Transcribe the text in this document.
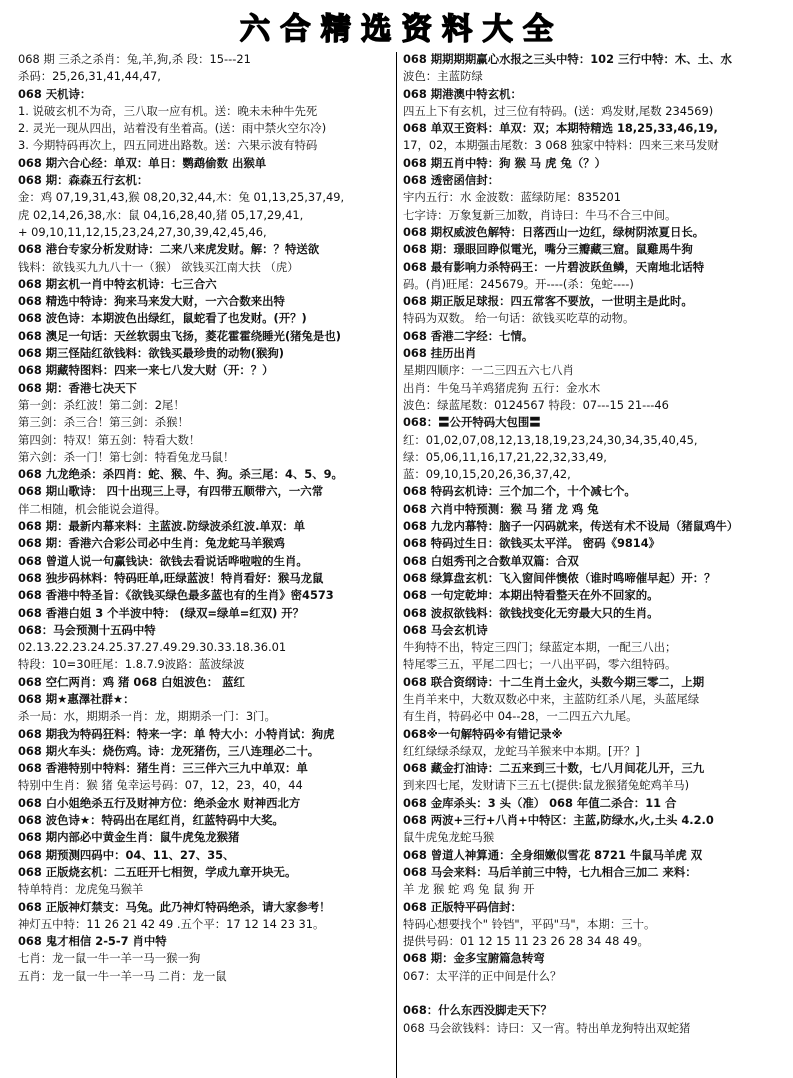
六 合 精 选 资 料 大 全
068 期 三杀之杀肖：兔,羊,狗,杀 段：15---21
杀码：25,26,31,41,44,47,
068 天机诗：
1. 说破玄机不为奇，三八取一应有机。送：晚未未种牛先死
2. 灵光一现从四出，站着没有坐着高。(送：雨中禁火空尔冷)
3. 今期特码再次上，四五同进出路数。送：六果示波有特码
068 期六合心经：单双：单日：鹦鹉偷数 出猴单
068 期：森森五行玄机：
金：鸡 07,19,31,43,猴 08,20,32,44,木：兔 01,13,25,37,49,
虎 02,14,26,38,水：鼠 04,16,28,40,猪 05,17,29,41,
+ 09,10,11,12,15,23,24,27,30,39,42,45,46,
068 港台专家分析发财诗：二来八来虎发财。解：？特送欲
钱料：欲钱买九九八十一（猴） 欲钱买江南大扶 （虎）
068 期玄机一肖中特玄机诗：七三合六
068 精选中特诗：狗来马来发大财，一六合数来出特
068 波色诗：本期波色出绿红，鼠蛇看了也发财。(开？)
068 澳足一句话：天丝软弱虫飞扬，菱花霍霍绕睡光(猪兔是也)
068 期三怪陆红欲钱料：欲钱买最珍贵的动物(猴狗)
068 期藏特图料：四来一来七八发大财（开：？）
068 期：香港七决天下
第一剑：杀红波！第二剑：2尾！
第三剑：杀三合！第三剑：杀猴！
第四剑：特双！第五剑：特看大数！
第六剑：杀一门！第七剑：特看兔龙马鼠！
068 九龙绝杀：杀四肖：蛇、猴、牛、狗。杀三尾：4、5、9。
068 期山歌诗： 四十出现三上寻，有四带五顺带六，一六常
伴二相随，机会能说会道得。
068 期：最新内幕来料：主蓝波.防绿波杀红波.单双：单
068 期：香港六合彩公司必中生肖：兔龙蛇马羊猴鸡
068 曾道人说一句赢钱诀：欲钱去看说话哗啦啦的生肖。
068 独步码林料：特码旺单,旺绿蓝波！特肖看好：猴马龙鼠
068 香港中特圣旨：《欲钱买绿色最多蓝也有的生肖》密4573
068 香港白姐 3 个半波中特： (绿双=绿单=红双) 开？
068：马会预测十五码中特
02.13.22.23.24.25.37.27.49.29.30.33.18.36.01
特段：10=30旺尾：1.8.7.9波路：蓝波绿波
068 空仁两肖：鸡 猪 068 白姐波色： 蓝红
068 期★惠澤社群★：
杀一局：水，期期杀一肖：龙，期期杀一门：3门。
068 期我为特码狂料：特来一字：单 特大小：小特肖试：狗虎
068 期火车头：烧伤鸡。诗：龙死猪伤，三八连理必二十。
068 香港特别中特料：猪生肖：三三伴六三九中单双：单
特别中生肖：猴 猪 兔幸运号码：07，12，23，40，44
068 白小姐绝杀五行及财神方位：绝杀金水 财神西北方
068 波色诗★：特码出在尾红肖，红蓝特码中大奖。
068 期内部必中黄金生肖：鼠牛虎兔龙猴猪
068 期预测四码中：04、11、27、35、
068 正版烧玄机：二五旺开七相贺，学成九章开块无。
特单特肖：龙虎兔马猴羊
068 正版神灯禁支：马兔。此乃神灯特码绝杀，请大家参考！
神灯五中特：11 26 21 42 49 .五个平：17 12 14 23 31。
068 鬼才相信 2-5-7 肖中特
七肖：龙一鼠一牛一羊一马一猴一狗
五肖：龙一鼠一牛一羊一马 二肖：龙一鼠
068 期期期期赢心水报之三头中特：102 三行中特：木、土、水
波色：主蓝防绿
068 期港澳中特玄机：
四五上下有玄机，过三位有特码。(送：鸡发财,尾数 234569)
068 单双王资料：单双：双；本期特精选 18,25,33,46,19,
17，02，本期强击尾数：3 068 独家中特料：四来三来马发财
068 期五肖中特：狗 猴 马 虎 兔（？）
068 透密函信封：
宇内五行：水 金波数：蓝绿防尾：835201
七字诗：万象复新三加数，肖诗曰：牛马不合三中间。
068 期权威波色解特：日落西山一边红，绿树阴浓夏日长。
068 期：璟眼回睁似電光，嘴分三瓣藏三窟。鼠雞馬牛狗
068 最有影响力杀特码王：一片碧波跃鱼鳞，天南地北话特
码。(肖)旺尾：245679。开----(杀：兔蛇----)
068 期正版足球报：四五常客不要放，一世明主是此时。
特码为双数。 给一句话：欲钱买吃草的动物。
068 香港二字经：七情。
068 挂历出肖
星期四顺序：一二三四五六七八肖
出肖：牛兔马羊鸡猪虎狗 五行：金水木
波色：绿蓝尾数：0124567 特段：07---15 21---46
068：〓公开特码大包围〓
红：01,02,07,08,12,13,18,19,23,24,30,34,35,40,45,
绿：05,06,11,16,17,21,22,32,33,49,
蓝：09,10,15,20,26,36,37,42,
068 特码玄机诗：三个加二个，十个减七个。
068 六肖中特预测：猴 马 猪 龙 鸡 兔
068 九龙内幕特：脑子一闪码就来，传送有术不设局（猪鼠鸡牛）
068 特码过生日：欲钱买太平洋。 密码《9814》
068 白姐秀刊之合数单双篇：合双
068 绿算盘玄机：飞入窗间伴懊侬（谁时鸣啼催早起）开：？
068 一句定乾坤：本期出特看整天在外不回家的。
068 波叔欲钱料：欲钱找变化无穷最大只的生肖。
068 马会玄机诗
牛狗特不出，特定三四门；绿蓝定本期，一配三八出；
特尾零三五，平尾二四七；一八出平码，零六组特码。
068 联合资纲诗：十二生肖土金火，头数今期三零二，上期
生肖羊来中，大数双数必中来，主蓝防红杀八尾，头蓝尾绿
有生肖，特码必中 04--28，一二四五六九尾。
068※一句解特码※有错记录※
红红绿绿杀绿双，龙蛇马羊猴来中本期。[开？]
068 藏金打油诗：二五来到三十数，七八月间花儿开，三九
到来四七尾，发财请下三五七(提供:鼠龙猴猪兔蛇鸡羊马)
068 金库杀头：3 头（准） 068 年值二杀合：11 合
068 两波+三行+八肖+中特区：主蓝,防绿水,火,土头 4.2.0
鼠牛虎兔龙蛇马猴
068 曾道人神算通：全身细嫩似雪花 8721 牛鼠马羊虎 双
068 马会来料：马后羊前三中特，七九相合三加二 来料：
羊 龙 猴 蛇 鸡 兔 鼠 狗 开
068 正版特平码信封：
特码心想要找个" 铃铛"，平码"马"，本期：三十。
提供号码：01 12 15 11 23 26 28 34 48 49。
068 期：金多宝腑篇急转弯
067：太平洋的正中间是什么？
068：什么东西没脚走天下？
068 马会欲钱料：诗曰：又一宵。特出单龙狗特出双蛇猪
